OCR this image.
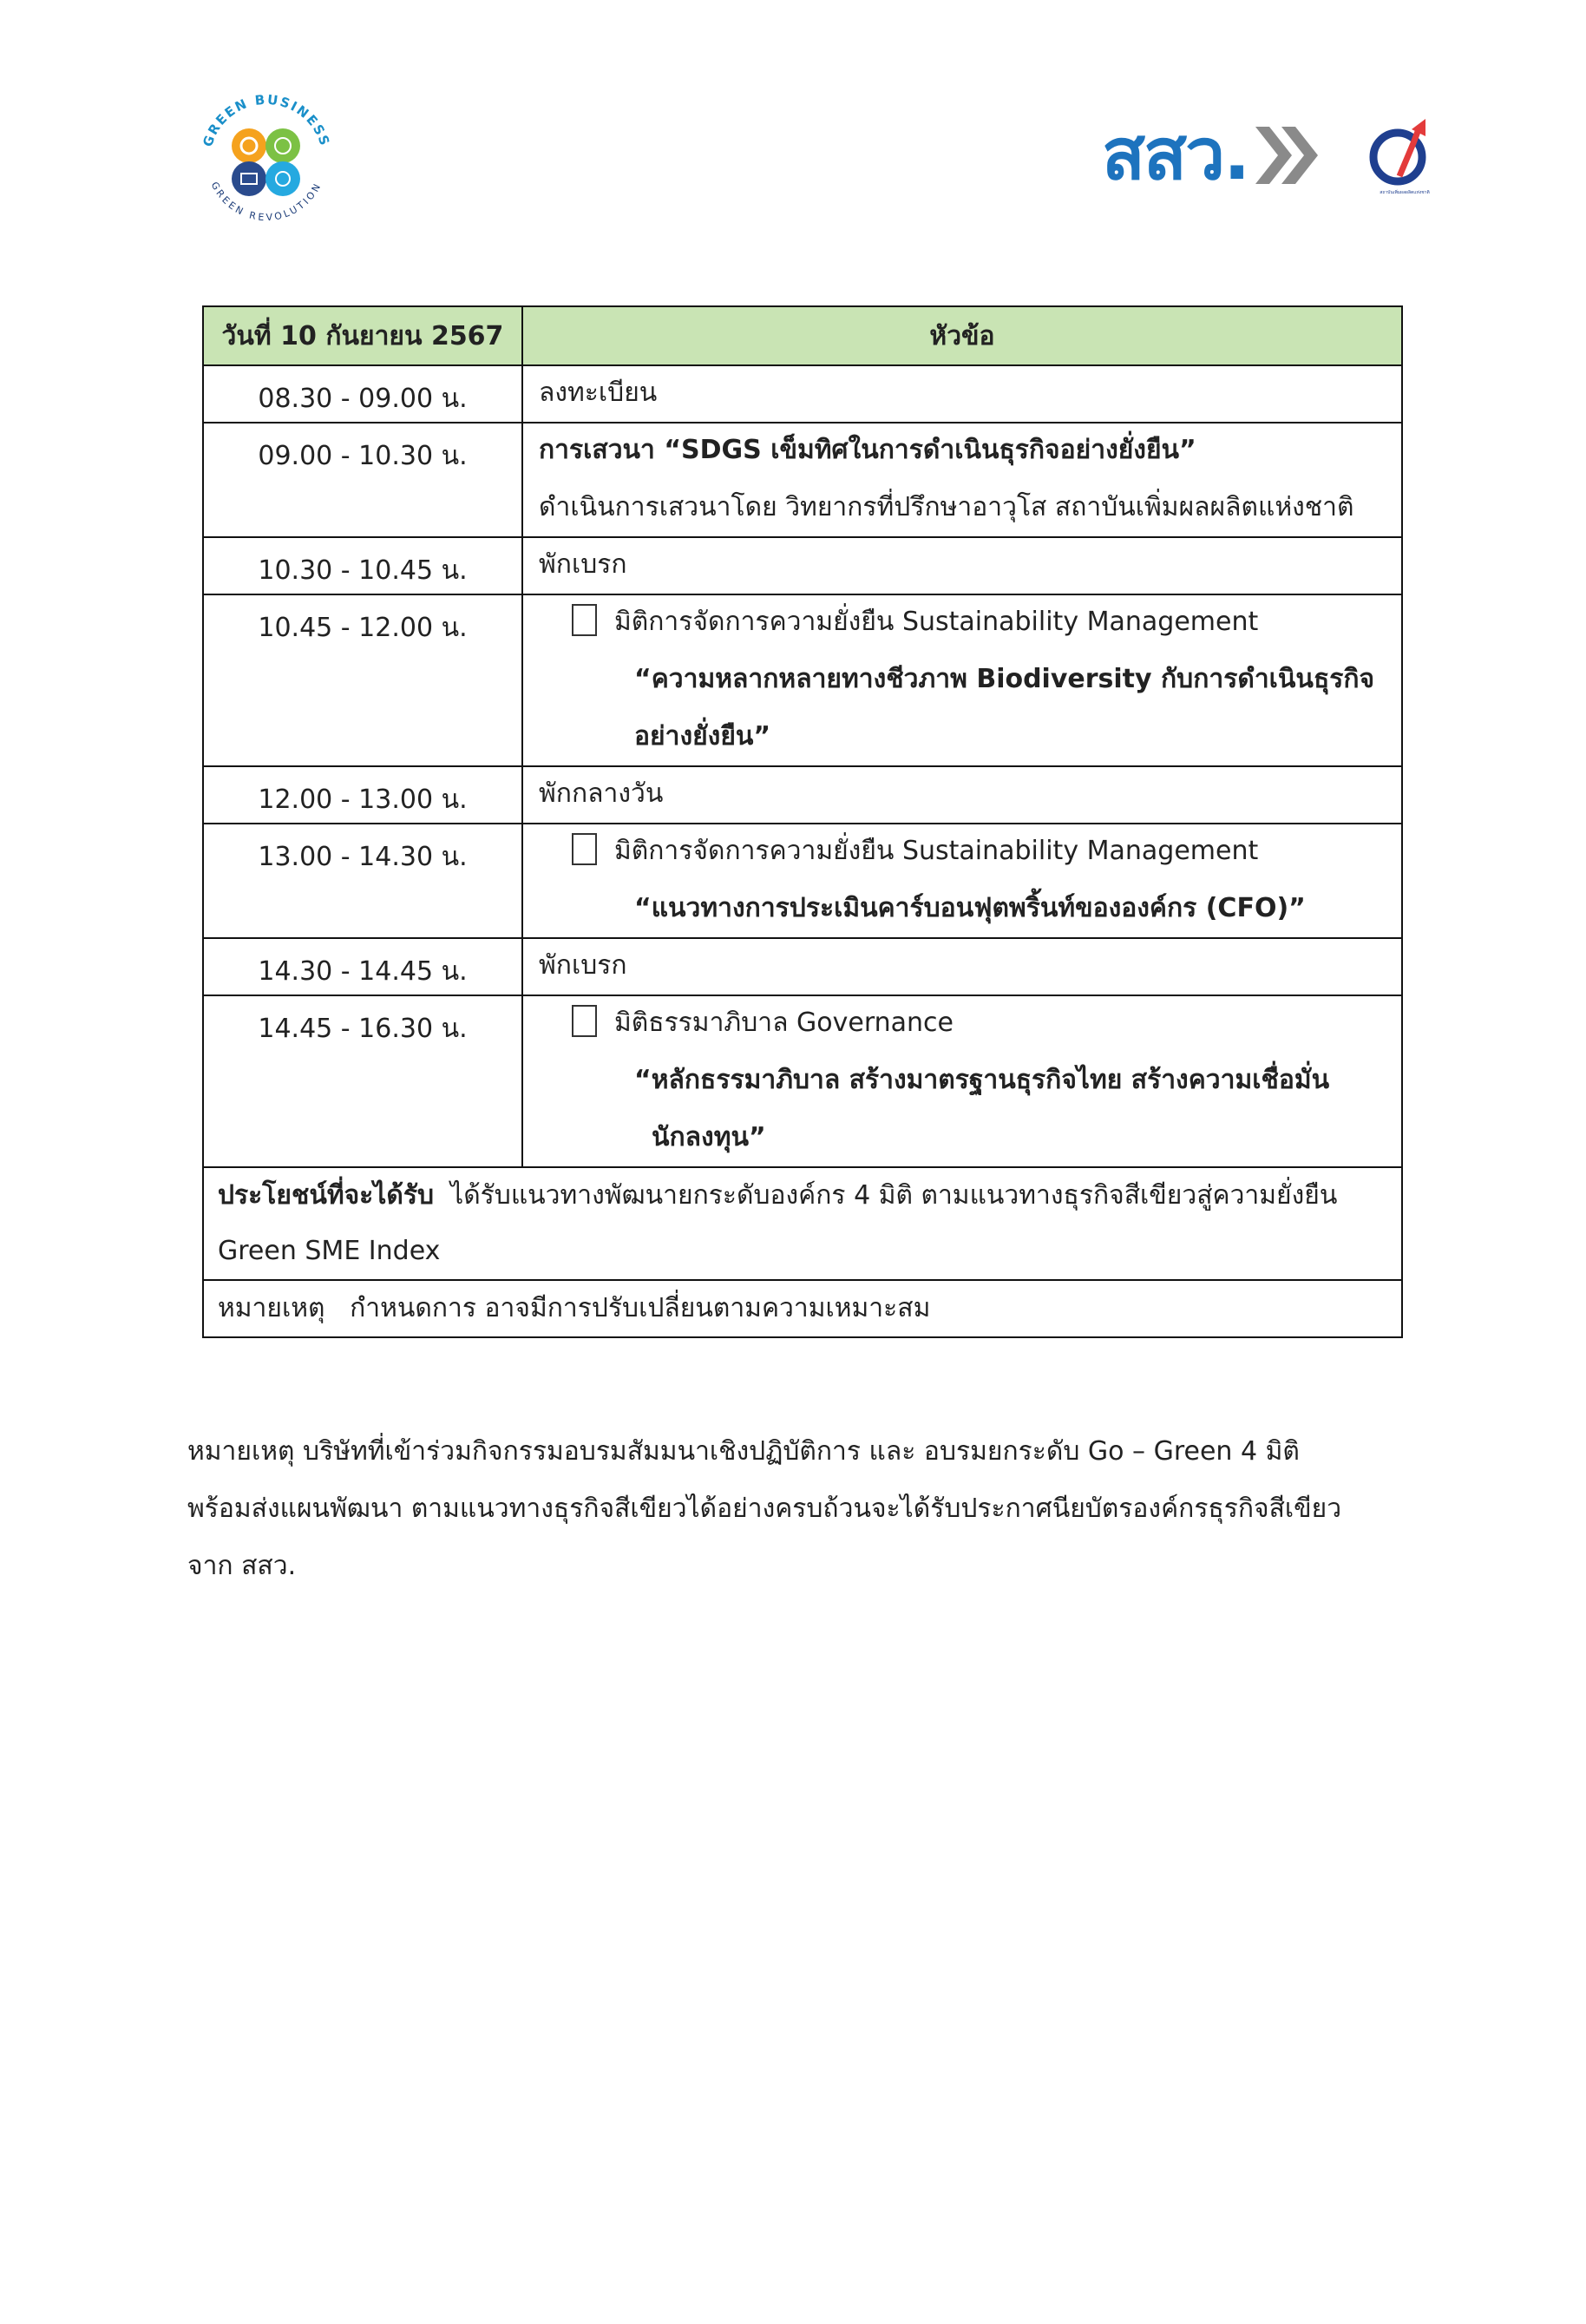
GREEN BUSINESS
GREEN REVOLUTION	สสว.	สถาบันเพิ่มผลผลิตแห่งชาติ
วันที่ 10 กันยายน 2567	หัวข้อ

08.30 - 09.00 น.	ลงทะเบียน

09.00 - 10.30 น.	การเสวนา “SDGS เข็มทิศในการดำเนินธุรกิจอย่างยั่งยืน”
ดำเนินการเสวนาโดย วิทยากรที่ปรึกษาอาวุโส สถาบันเพิ่มผลผลิตแห่งชาติ

10.30 - 10.45 น.	พักเบรก

10.45 - 12.00 น.	มิติการจัดการความยั่งยืน Sustainability Management
“ความหลากหลายทางชีวภาพ Biodiversity กับการดำเนินธุรกิจ
อย่างยั่งยืน”

12.00 - 13.00 น.	พักกลางวัน

13.00 - 14.30 น.	มิติการจัดการความยั่งยืน Sustainability Management
“แนวทางการประเมินคาร์บอนฟุตพริ้นท์ขององค์กร (CFO)”

14.30 - 14.45 น.	พักเบรก

14.45 - 16.30 น.	มิติธรรมาภิบาล Governance
“หลักธรรมาภิบาล สร้างมาตรฐานธุรกิจไทย สร้างความเชื่อมั่น
นักลงทุน”

ประโยชน์ที่จะได้รับ ได้รับแนวทางพัฒนายกระดับองค์กร 4 มิติ ตามแนวทางธุรกิจสีเขียวสู่ความยั่งยืน
Green SME Index	

หมายเหตุ กำหนดการ อาจมีการปรับเปลี่ยนตามความเหมาะสม	
หมายเหตุ บริษัทที่เข้าร่วมกิจกรรมอบรมสัมมนาเชิงปฏิบัติการ และ อบรมยกระดับ Go – Green 4 มิติ
พร้อมส่งแผนพัฒนา ตามแนวทางธุรกิจสีเขียวได้อย่างครบถ้วนจะได้รับประกาศนียบัตรองค์กรธุรกิจสีเขียว
จาก สสว.
